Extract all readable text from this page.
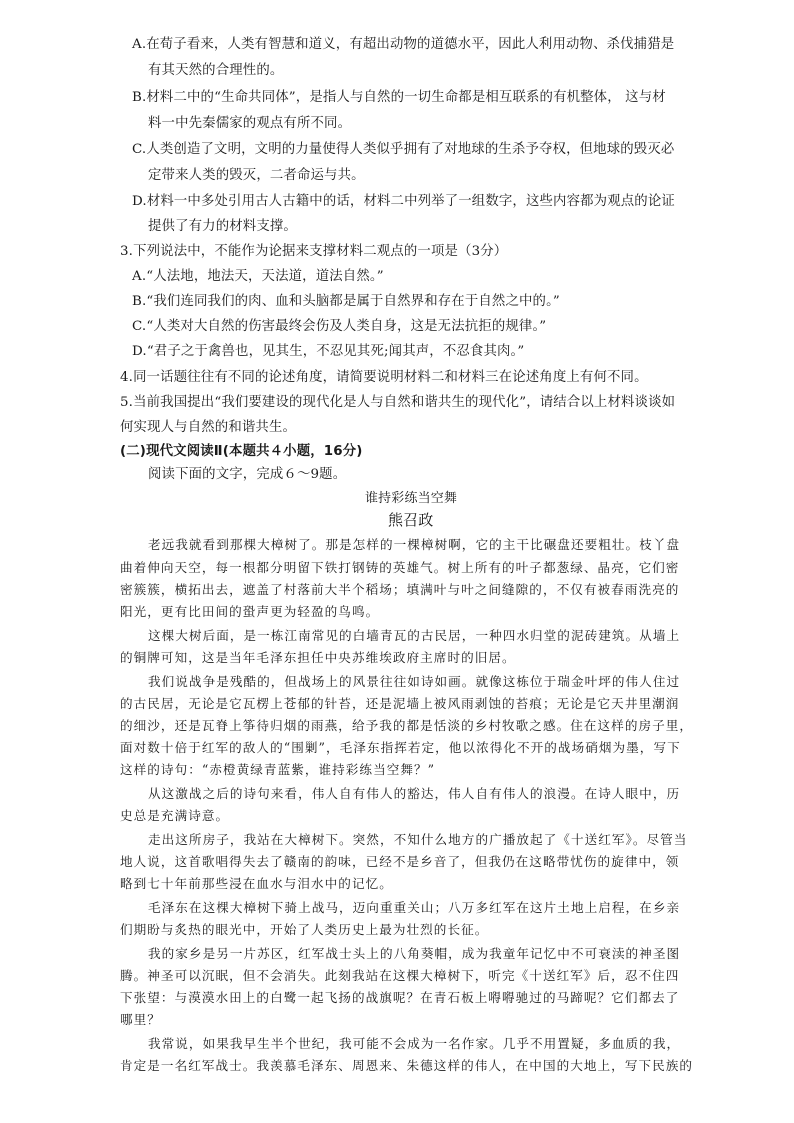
A.在荀子看来，人类有智慧和道义，有超出动物的道德水平，因此人利用动物、杀伐捕猎是
有其天然的合理性的。
B.材料二中的“生命共同体”，是指人与自然的一切生命都是相互联系的有机整体， 这与材
料一中先秦儒家的观点有所不同。
C.人类创造了文明，文明的力量使得人类似乎拥有了对地球的生杀予夺权，但地球的毁灭必
定带来人类的毁灭，二者命运与共。
D.材料一中多处引用古人古籍中的话，材料二中列举了一组数字，这些内容都为观点的论证
提供了有力的材料支撑。
3.下列说法中，不能作为论据来支撑材料二观点的一项是（3分）
A.“人法地，地法天，天法道，道法自然。”
B.“我们连同我们的肉、血和头脑都是属于自然界和存在于自然之中的。”
C.“人类对大自然的伤害最终会伤及人类自身，这是无法抗拒的规律。”
D.“君子之于禽兽也，见其生，不忍见其死;闻其声，不忍食其肉。”
4.同一话题往往有不同的论述角度，请简要说明材料二和材料三在论述角度上有何不同。
5.当前我国提出“我们要建设的现代化是人与自然和谐共生的现代化”，请结合以上材料谈谈如
何实现人与自然的和谐共生。
(二)现代文阅读Ⅱ(本题共４小题，16分)
阅读下面的文字，完成６～9题。
谁持彩练当空舞
熊召政
老远我就看到那棵大樟树了。那是怎样的一棵樟树啊，它的主干比碾盘还要粗壮。枝丫盘
曲着伸向天空，每一根都分明留下铁打钢铸的英雄气。树上所有的叶子都葱绿、晶亮，它们密
密簇簇，横拓出去，遮盖了村落前大半个稻场；填满叶与叶之间缝隙的，不仅有被春雨洗亮的
阳光，更有比田间的蛩声更为轻盈的鸟鸣。
这棵大树后面，是一栋江南常见的白墙青瓦的古民居，一种四水归堂的泥砖建筑。从墙上
的铜牌可知，这是当年毛泽东担任中央苏维埃政府主席时的旧居。
我们说战争是残酷的，但战场上的风景往往如诗如画。就像这栋位于瑞金叶坪的伟人住过
的古民居，无论是它瓦楞上苍郁的针苔，还是泥墙上被风雨剥蚀的苔痕；无论是它天井里潮润
的细沙，还是瓦脊上筝待归烟的雨燕，给予我的都是恬淡的乡村牧歌之感。住在这样的房子里，
面对数十倍于红军的敌人的“围剿”，毛泽东指挥若定，他以浓得化不开的战场硝烟为墨，写下
这样的诗句：“赤橙黄绿青蓝紫，谁持彩练当空舞？”
从这激战之后的诗句来看，伟人自有伟人的豁达，伟人自有伟人的浪漫。在诗人眼中，历
史总是充满诗意。
走出这所房子，我站在大樟树下。突然，不知什么地方的广播放起了《十送红军》。尽管当
地人说，这首歌唱得失去了赣南的韵味，已经不是乡音了，但我仍在这略带忧伤的旋律中，领
略到七十年前那些浸在血水与泪水中的记忆。
毛泽东在这棵大樟树下骑上战马，迈向重重关山；八万多红军在这片土地上启程，在乡亲
们期盼与炙热的眼光中，开始了人类历史上最为壮烈的长征。
我的家乡是另一片苏区，红军战士头上的八角葵帽，成为我童年记忆中不可衰渎的神圣图
腾。神圣可以沉眠，但不会消失。此刻我站在这棵大樟树下，听完《十送红军》后，忍不住四
下张望：与漠漠水田上的白鹭一起飞扬的战旗呢？在青石板上嘚嘚驰过的马蹄呢？它们都去了
哪里？
我常说，如果我早生半个世纪，我可能不会成为一名作家。几乎不用置疑，多血质的我，
肯定是一名红军战士。我羡慕毛泽东、周恩来、朱德这样的伟人，在中国的大地上，写下民族的
